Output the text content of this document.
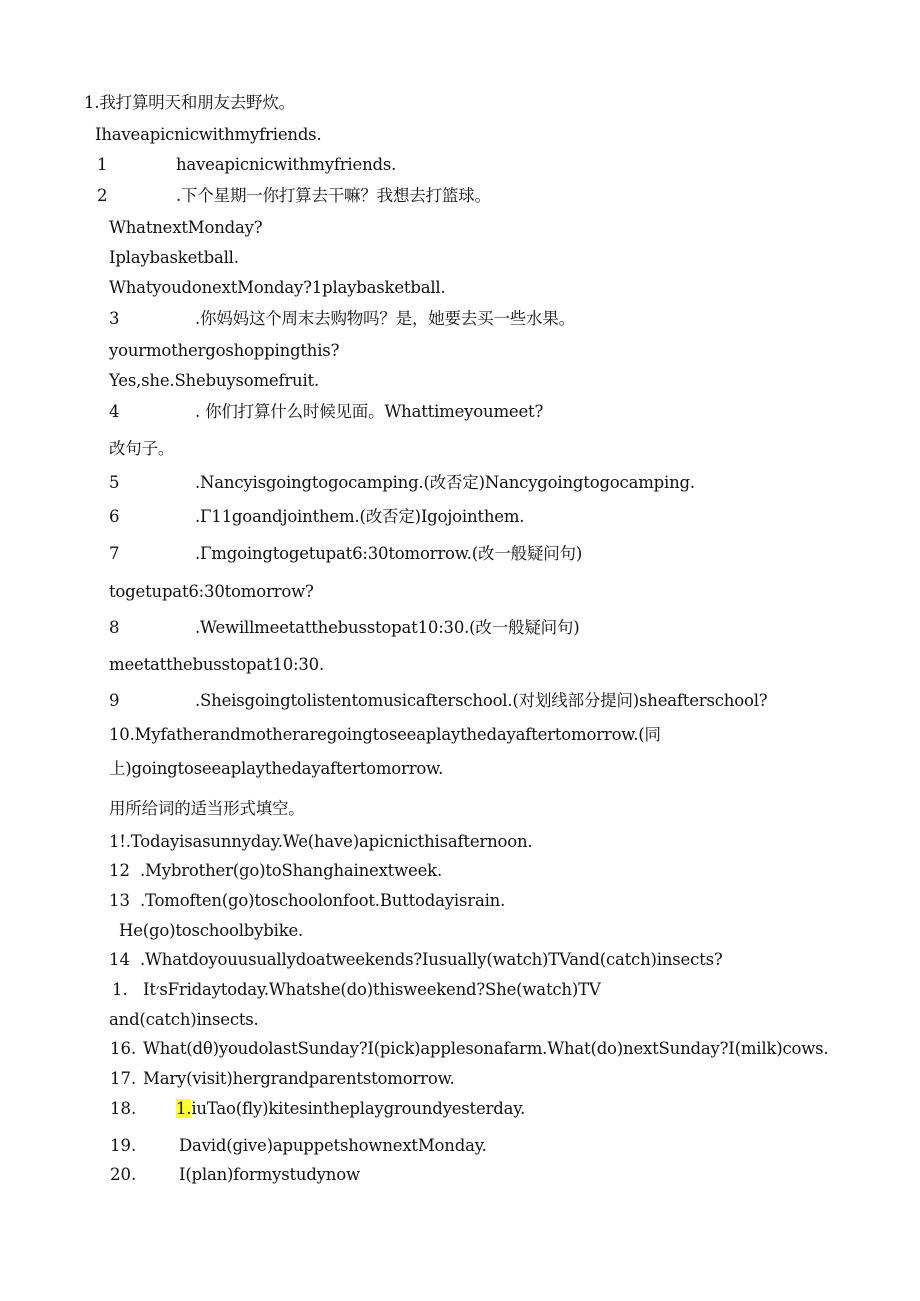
1.我打算明天和朋友去野炊。
Ihaveapicnicwithmyfriends.
1	haveapicnicwithmyfriends.
2	.下个星期一你打算去干嘛？我想去打篮球。
WhatnextMonday?
Iplaybasketball.
WhatyoudonextMonday?1playbasketball.
3	.你妈妈这个周末去购物吗？是，她要去买一些水果。
yourmothergoshoppingthis?
Yes,she.Shebuysomefruit.
4	. 你们打算什么时候见面。Whattimeyoumeet?
改句子。
5	.Nancyisgoingtogocamping.(改否定)Nancygoingtogocamping.
6	.Γ11goandjointhem.(改否定)Igojointhem.
7	.Γmgoingtogetupat6:30tomorrow.(改一般疑问句)
togetupat6:30tomorrow?
8	.Wewillmeetatthebusstopat10:30.(改一般疑问句)
meetatthebusstopat10:30.
9	.Sheisgoingtolistentomusicafterschool.(对划线部分提问)sheafterschool?
10.Myfatherandmotheraregoingtoseeaplaythedayaftertomorrow.(同
上)goingtoseeaplaythedayaftertomorrow.
用所给词的适当形式填空。
1!.Todayisasunnyday.We(have)apicnicthisafternoon.
12 .Mybrother(go)toShanghainextweek.
13 .Tomoften(go)toschoolonfoot.Buttodayisrain.
He(go)toschoolbybike.
14 .Whatdoyouusuallydoatweekends?Iusually(watch)TVand(catch)insects?
1. It׳sFridaytoday.Whatshe(do)thisweekend?She(watch)TV
and(catch)insects.
16. What(dθ)youdolastSunday?I(pick)applesonafarm.What(do)nextSunday?I(milk)cows.
17. Mary(visit)hergrandparentstomorrow.
18. 1.iuTao(fly)kitesintheplaygroundyesterday.
19.	David(give)apuppetshownextMonday.
20.	I(plan)formystudynow
